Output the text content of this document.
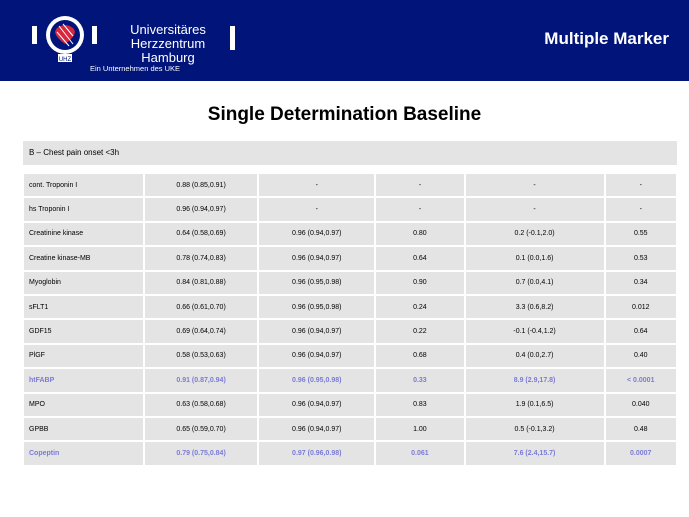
UHZ
Universitäres Herzzentrum
Hamburg
Ein Unternehmen des UKE
Multiple Marker
Single Determination Baseline
B – Chest pain onset <3h
cont. Troponin I	0.88 (0.85,0.91)	-	-	-	-
hs Troponin I	0.96 (0.94,0.97)	-	-	-	-
Creatinine kinase	0.64 (0.58,0.69)	0.96 (0.94,0.97)	0.80	0.2 (-0.1,2.0)	0.55
Creatine kinase-MB	0.78 (0.74,0.83)	0.96 (0.94,0.97)	0.64	0.1 (0.0,1.6)	0.53
Myoglobin	0.84 (0.81,0.88)	0.96 (0.95,0.98)	0.90	0.7 (0.0,4.1)	0.34
sFLT1	0.66 (0.61,0.70)	0.96 (0.95,0.98)	0.24	3.3 (0.6,8.2)	0.012
GDF15	0.69 (0.64,0.74)	0.96 (0.94,0.97)	0.22	-0.1 (-0.4,1.2)	0.64
PlGF	0.58 (0.53,0.63)	0.96 (0.94,0.97)	0.68	0.4 (0.0,2.7)	0.40
htFABP	0.91 (0.87,0.94)	0.96 (0.95,0.98)	0.33	8.9 (2.9,17.8)	< 0.0001
MPO	0.63 (0.58,0.68)	0.96 (0.94,0.97)	0.83	1.9 (0.1,6.5)	0.040
GPBB	0.65 (0.59,0.70)	0.96 (0.94,0.97)	1.00	0.5 (-0.1,3.2)	0.48
Copeptin	0.79 (0.75,0.84)	0.97 (0.96,0.98)	0.061	7.6 (2.4,15.7)	0.0007
